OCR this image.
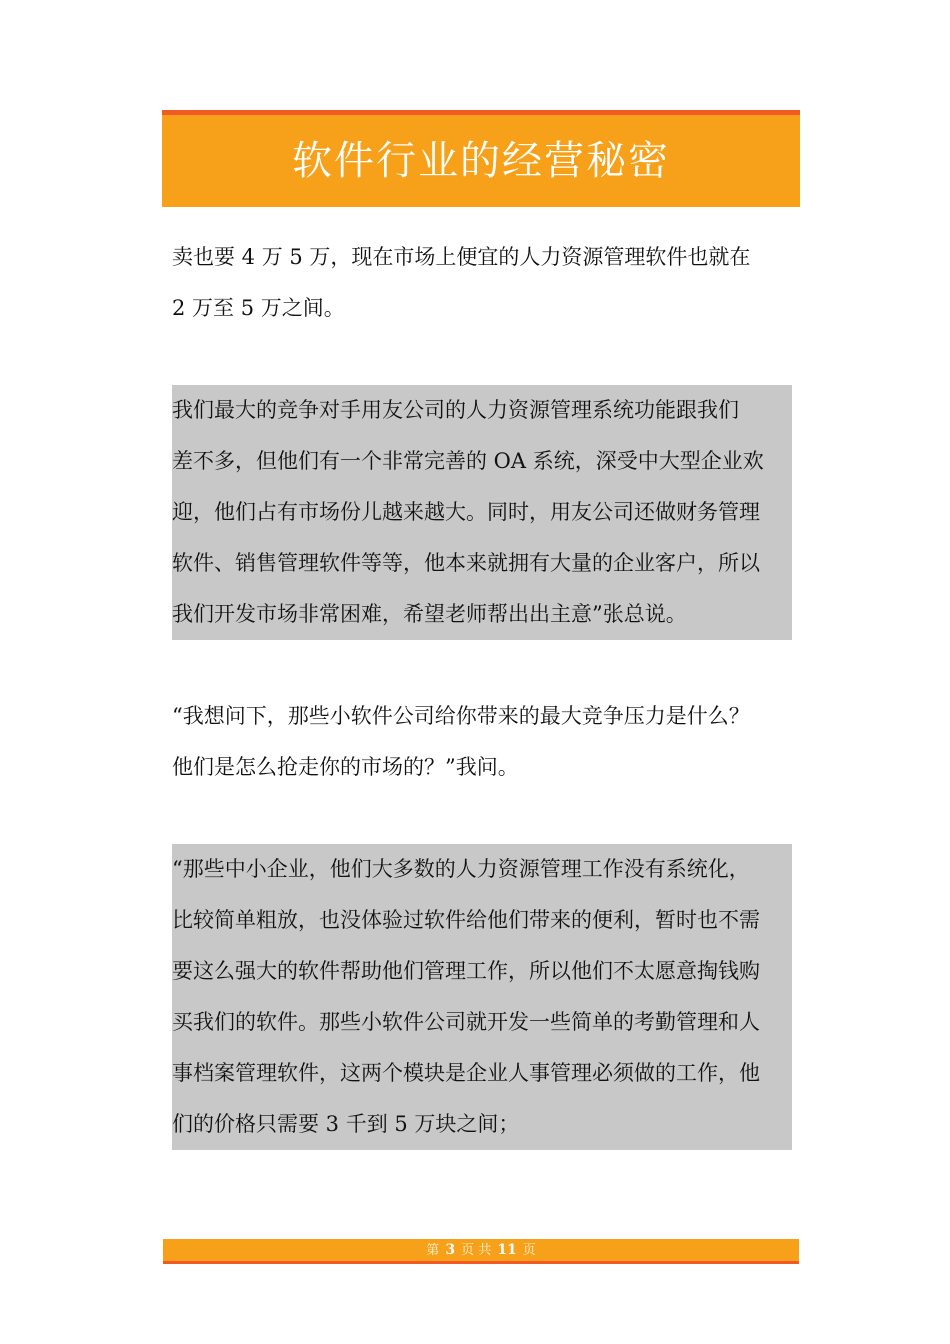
软件行业的经营秘密
卖也要 4 万 5 万，现在市场上便宜的人力资源管理软件也就在
2 万至 5 万之间。
我们最大的竞争对手用友公司的人力资源管理系统功能跟我们
差不多，但他们有一个非常完善的 OA 系统，深受中大型企业欢
迎，他们占有市场份儿越来越大。同时，用友公司还做财务管理
软件、销售管理软件等等，他本来就拥有大量的企业客户，所以
我们开发市场非常困难，希望老师帮出出主意”张总说。
“我想问下，那些小软件公司给你带来的最大竞争压力是什么？
他们是怎么抢走你的市场的？”我问。
“那些中小企业，他们大多数的人力资源管理工作没有系统化，
比较简单粗放，也没体验过软件给他们带来的便利，暂时也不需
要这么强大的软件帮助他们管理工作，所以他们不太愿意掏钱购
买我们的软件。那些小软件公司就开发一些简单的考勤管理和人
事档案管理软件，这两个模块是企业人事管理必须做的工作，他
们的价格只需要 3 千到 5 万块之间；
第 3 页 共 11 页
